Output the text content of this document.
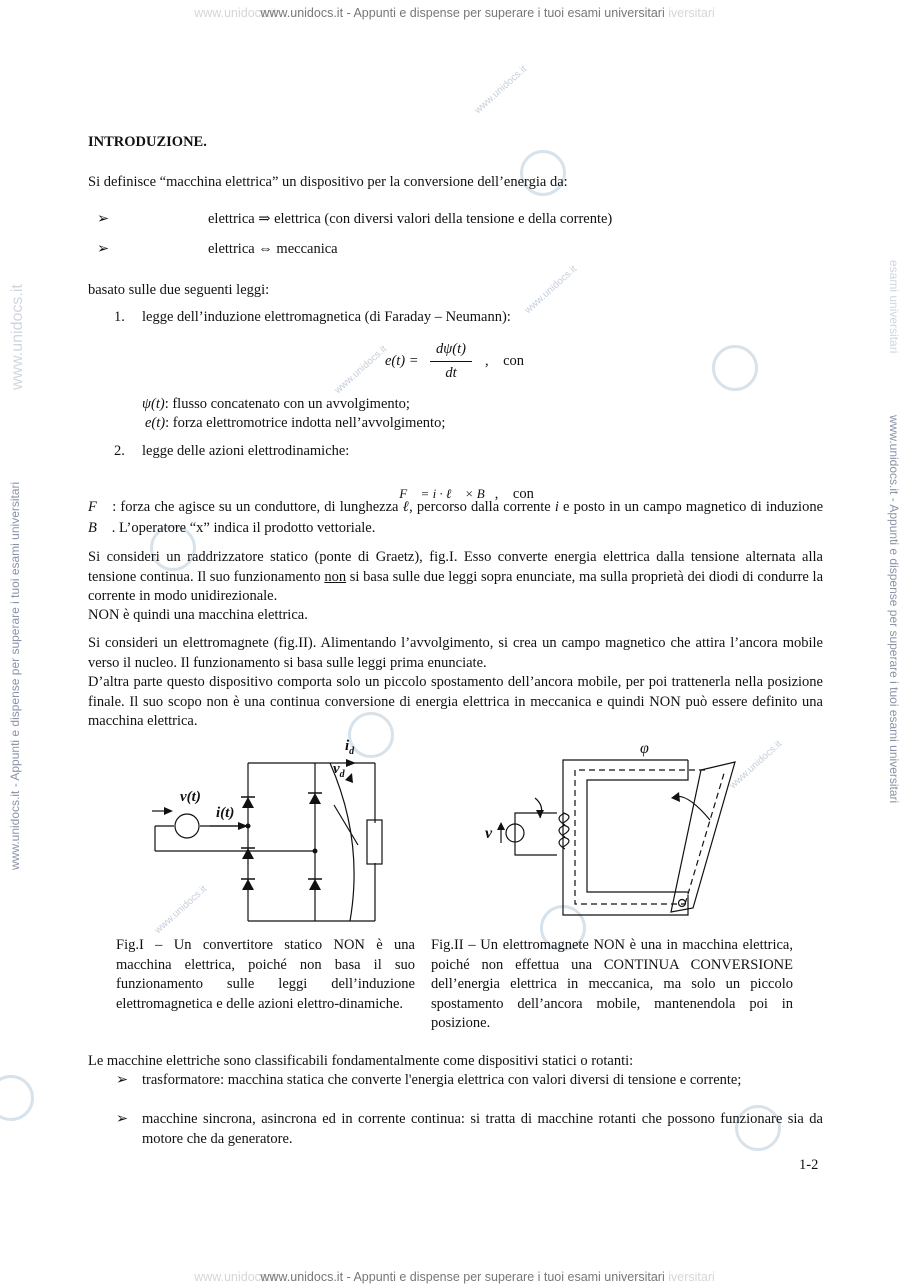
www.unidocs.it www.unidocs.it - Appunti e dispense per superare i tuoi esami universitari iversitari
www.unidocs.it www.unidocs.it - Appunti e dispense per superare i tuoi esami universitari iversitari
www.unidocs.it - Appunti e dispense per superare i tuoi esami universitari
www.unidocs.it
www.unidocs.it - Appunti e dispense per superare i tuoi esami universitari
esami universitari
www.unidocs.it
www.unidocs.it
www.unidocs.it
www.unidocs.it
www.unidocs.it
INTRODUZIONE.
Si definisce “macchina elettrica” un dispositivo per la conversione dell’energia da:
➢	elettrica ⇒ elettrica (con diversi valori della tensione e della corrente)
➢	elettrica ⇔ meccanica
basato sulle due seguenti leggi:
1. legge dell’induzione elettromagnetica (di Faraday – Neumann):
e(t) =
dψ(t)
dt
,    con
ψ(t): flusso concatenato con un avvolgimento;
e(t): forza elettromotrice indotta nell’avvolgimento;
2. legge delle azioni elettrodinamiche:

F⃗ = i · ℓ⃗ × B⃗,    con

F⃗ : forza che agisce su un conduttore, di lunghezza ℓ, percorso dalla corrente i e posto in un campo magnetico di induzione B⃗ . L’operatore “x” indica il prodotto vettoriale.
Si consideri un raddrizzatore statico (ponte di Graetz), fig.I. Esso converte energia elettrica dalla tensione alternata alla tensione continua. Il suo funzionamento non si basa sulle due leggi sopra enunciate, ma sulla proprietà dei diodi di condurre la corrente in modo unidirezionale.
NON è quindi una macchina elettrica.
Si consideri un elettromagnete (fig.II). Alimentando l’avvolgimento, si crea un campo magnetico che attira l’ancora mobile verso il nucleo. Il funzionamento si basa sulle leggi prima enunciate.
D’altra parte questo dispositivo comporta solo un piccolo spostamento dell’ancora mobile, per poi trattenerla nella posizione finale. Il suo scopo non è una continua conversione di energia elettrica in meccanica e quindi NON può essere definito una macchina elettrica.
v(t)
i(t)
$i_d$
$v_d$
φ
v
Fig.I – Un convertitore statico NON è una macchina elettrica, poiché non basa il suo funzionamento sulle leggi dell’induzione elettromagnetica e delle azioni elettro-dinamiche.
Fig.II – Un elettromagnete NON è una in macchina elettrica, poiché non effettua una CONTINUA CONVERSIONE dell’energia elettrica in meccanica, ma solo un piccolo spostamento dell’ancora mobile, mantenendola poi in posizione.
Le macchine elettriche sono classificabili fondamentalmente come dispositivi statici o rotanti:
➢ trasformatore: macchina statica che converte l'energia elettrica con valori diversi di tensione e corrente;
➢ macchine sincrona, asincrona ed in corrente continua: si tratta di macchine rotanti che possono funzionare sia da motore che da generatore.
1-2
